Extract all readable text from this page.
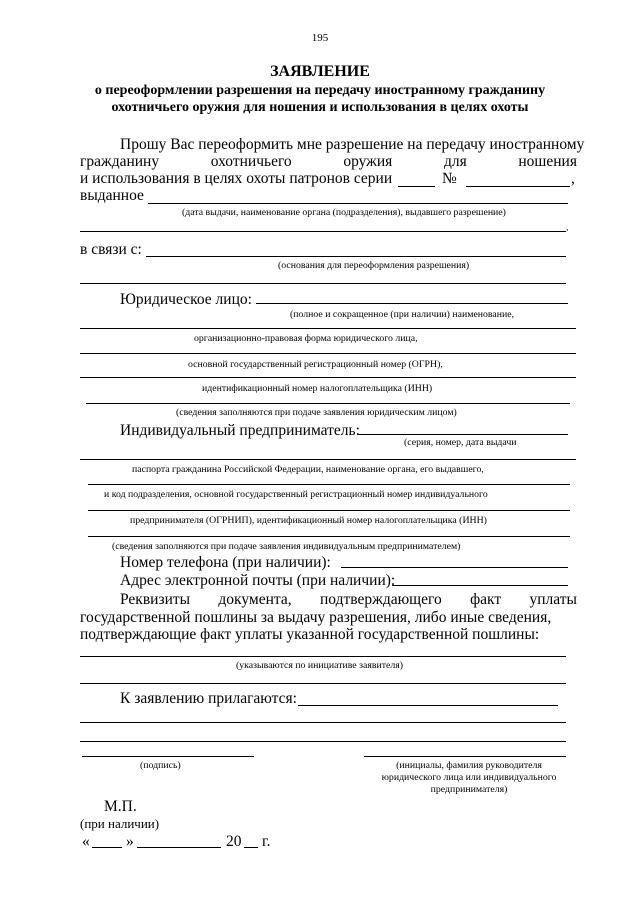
195
ЗАЯВЛЕНИЕ
о переоформлении разрешения на передачу иностранному гражданину
охотничьего оружия для ношения и использования в целях охоты
Прошу Вас переоформить мне разрешение на передачу иностранному
гражданину	охотничьего	оружия	для	ношения
и использования в целях охоты патронов серии	№	,
выданное
(дата выдачи, наименование органа (подразделения), выдавшего разрешение)
,
в связи с:
(основания для переоформления разрешения)
Юридическое лицо:
(полное и сокращенное (при наличии) наименование,
организационно-правовая форма юридического лица,
основной государственный регистрационный номер (ОГРН),
идентификационный номер налогоплательщика (ИНН)
(сведения заполняются при подаче заявления юридическим лицом)
Индивидуальный предприниматель:
(серия, номер, дата выдачи
паспорта гражданина Российской Федерации, наименование органа, его выдавшего,
и код подразделения, основной государственный регистрационный номер индивидуального
предпринимателя (ОГРНИП), идентификационный номер налогоплательщика (ИНН)
(сведения заполняются при подаче заявления индивидуальным предпринимателем)
Номер телефона (при наличии):
Адрес электронной почты (при наличии):
Реквизиты документа, подтверждающего факт уплаты
государственной пошлины за выдачу разрешения, либо иные сведения,
подтверждающие факт уплаты указанной государственной пошлины:
(указываются по инициативе заявителя)
К заявлению прилагаются:
(подпись)	(инициалы, фамилия руководителя
юридического лица или индивидуального
предпринимателя)
М.П.
(при наличии)
« »	20 г.
